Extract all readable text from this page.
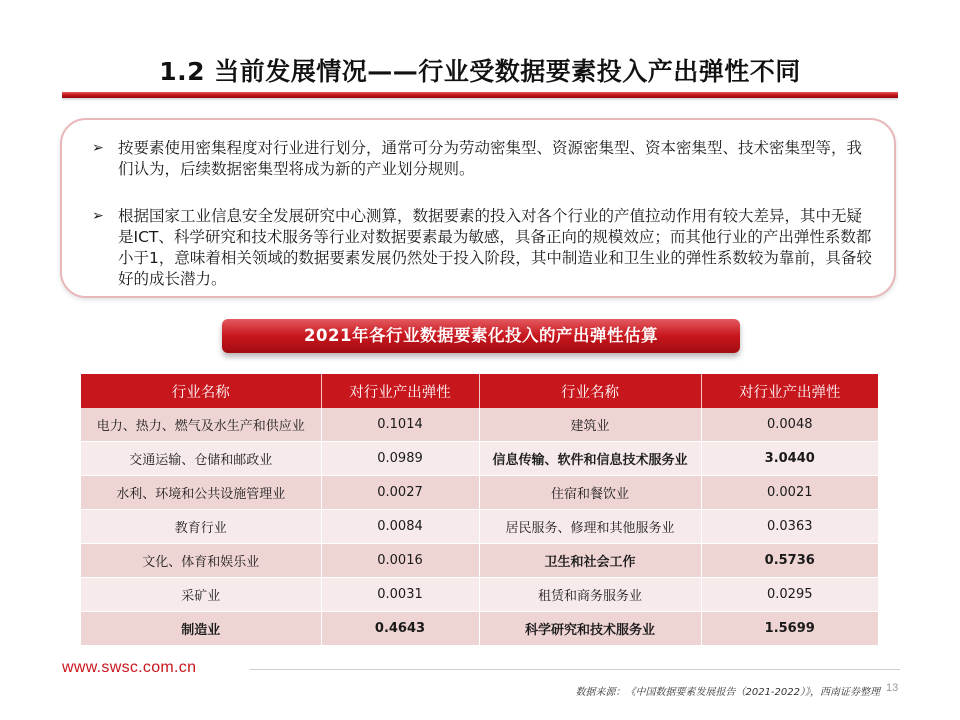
1.2 当前发展情况——行业受数据要素投入产出弹性不同
➢ 按要素使用密集程度对行业进行划分，通常可分为劳动密集型、资源密集型、资本密集型、技术密集型等，我们认为，后续数据密集型将成为新的产业划分规则。
➢ 根据国家工业信息安全发展研究中心测算，数据要素的投入对各个行业的产值拉动作用有较大差异，其中无疑是ICT、科学研究和技术服务等行业对数据要素最为敏感，具备正向的规模效应；而其他行业的产出弹性系数都小于1，意味着相关领域的数据要素发展仍然处于投入阶段，其中制造业和卫生业的弹性系数较为靠前，具备较好的成长潜力。
2021年各行业数据要素化投入的产出弹性估算
行业名称	对行业产出弹性	行业名称	对行业产出弹性
电力、热力、燃气及水生产和供应业	0.1014	建筑业	0.0048
交通运输、仓储和邮政业	0.0989	信息传输、软件和信息技术服务业	3.0440
水利、环境和公共设施管理业	0.0027	住宿和餐饮业	0.0021
教育行业	0.0084	居民服务、修理和其他服务业	0.0363
文化、体育和娱乐业	0.0016	卫生和社会工作	0.5736
采矿业	0.0031	租赁和商务服务业	0.0295
制造业	0.4643	科学研究和技术服务业	1.5699
www.swsc.com.cn
数据来源：《中国数据要素发展报告（2021-2022）》，西南证券整理 13
